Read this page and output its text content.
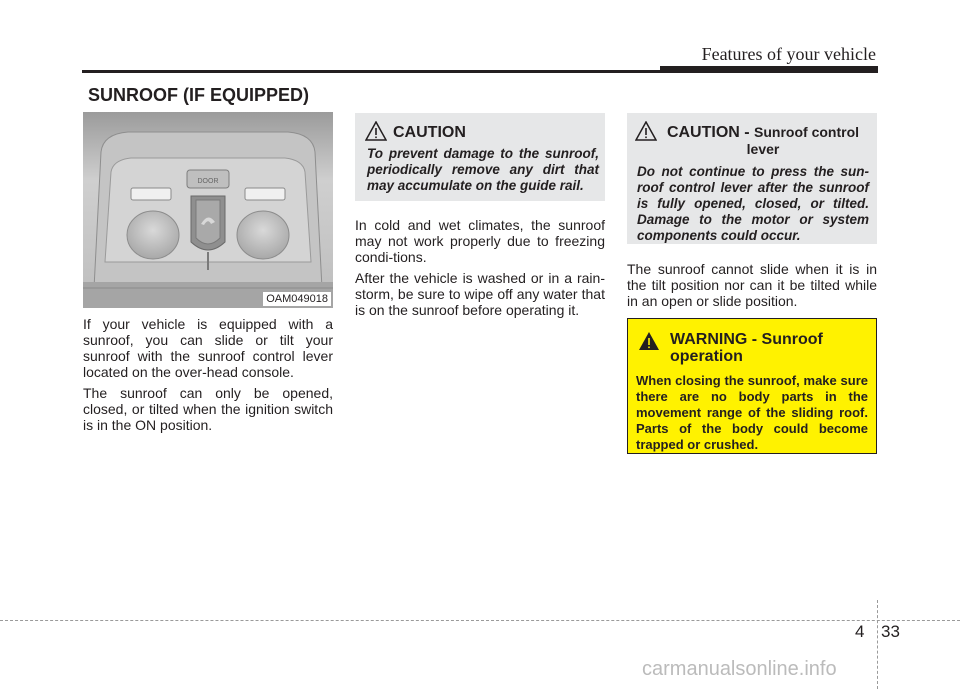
Features of your vehicle
SUNROOF (IF EQUIPPED)
DOOR
OAM049018

If your vehicle is equipped with a sunroof, you can slide or tilt your sunroof with the sunroof control lever located on the over-head console.

The sunroof can only be opened, closed, or tilted when the ignition switch is in the ON position.

CAUTION
To prevent damage to the sunroof, periodically remove any dirt that may accumulate on the guide rail.

In cold and wet climates, the sunroof may not work properly due to freezing condi-tions.

After the vehicle is washed or in a rain-storm, be sure to wipe off any water that is on the sunroof before operating it.

CAUTION - Sunroof control lever
Do not continue to press the sun-roof control lever after the sunroof is fully opened, closed, or tilted. Damage to the motor or system components could occur.

The sunroof cannot slide when it is in the tilt position nor can it be tilted while in an open or slide position.

WARNING - Sunroof operation
When closing the sunroof, make sure there are no body parts in the movement range of the sliding roof. Parts of the body could become trapped or crushed.
4 33
carmanualsonline.info
